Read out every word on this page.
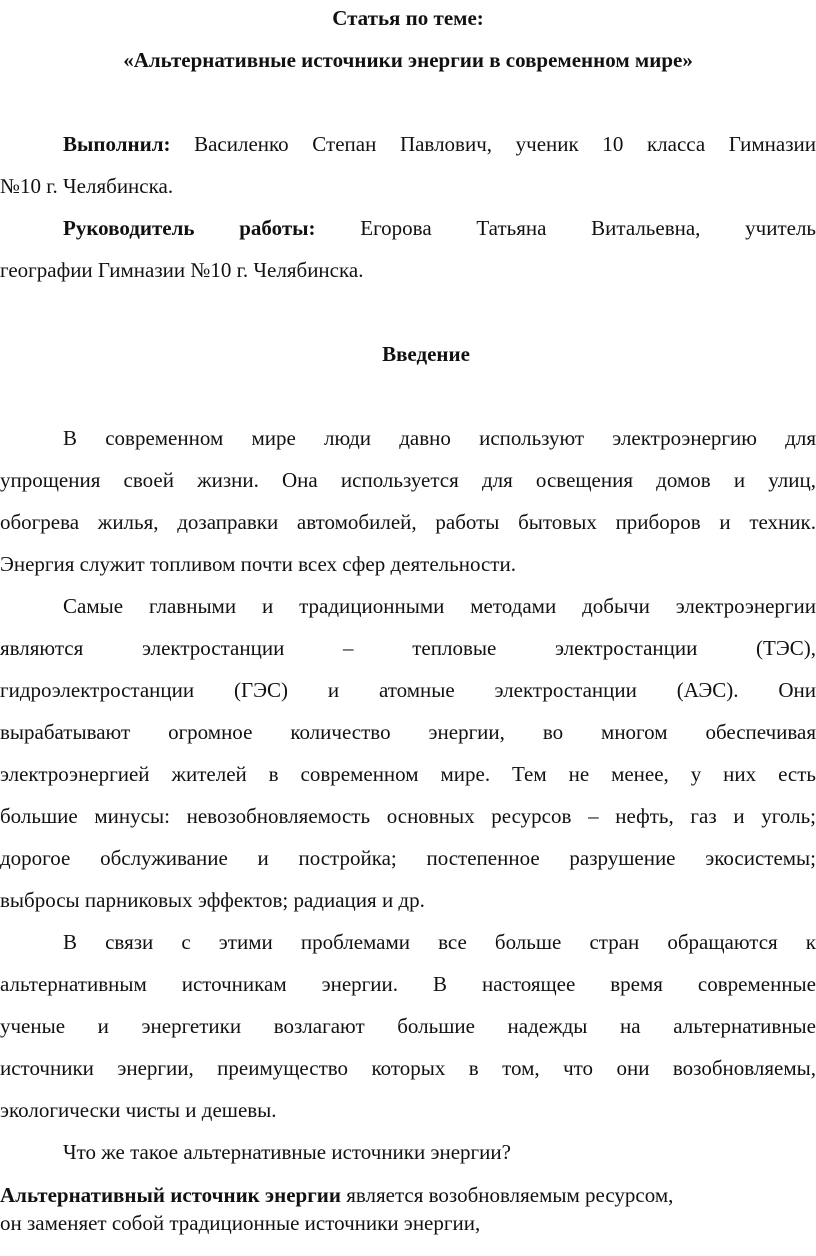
Статья по теме:
«Альтернативные источники энергии в современном мире»
Выполнил: Василенко Степан Павлович, ученик 10 класса Гимназии
№10 г. Челябинска.
Руководитель работы: Егорова Татьяна Витальевна, учитель
географии Гимназии №10 г. Челябинска.
Введение
В современном мире люди давно используют электроэнергию для
упрощения своей жизни. Она используется для освещения домов и улиц,
обогрева жилья, дозаправки автомобилей, работы бытовых приборов и техник.
Энергия служит топливом почти всех сфер деятельности.
Самые главными и традиционными методами добычи электроэнергии
являются электростанции – тепловые электростанции (ТЭС),
гидроэлектростанции (ГЭС) и атомные электростанции (АЭС). Они
вырабатывают огромное количество энергии, во многом обеспечивая
электроэнергией жителей в современном мире. Тем не менее, у них есть
большие минусы: невозобновляемость основных ресурсов – нефть, газ и уголь;
дорогое обслуживание и постройка; постепенное разрушение экосистемы;
выбросы парниковых эффектов; радиация и др.
В связи с этими проблемами все больше стран обращаются к
альтернативным источникам энергии. В настоящее время современные
ученые и энергетики возлагают большие надежды на альтернативные
источники энергии, преимущество которых в том, что они возобновляемы,
экологически чисты и дешевы.
Что же такое альтернативные источники энергии?
Альтернативный источник энергии является возобновляемым ресурсом,
он заменяет собой традиционные источники энергии,
